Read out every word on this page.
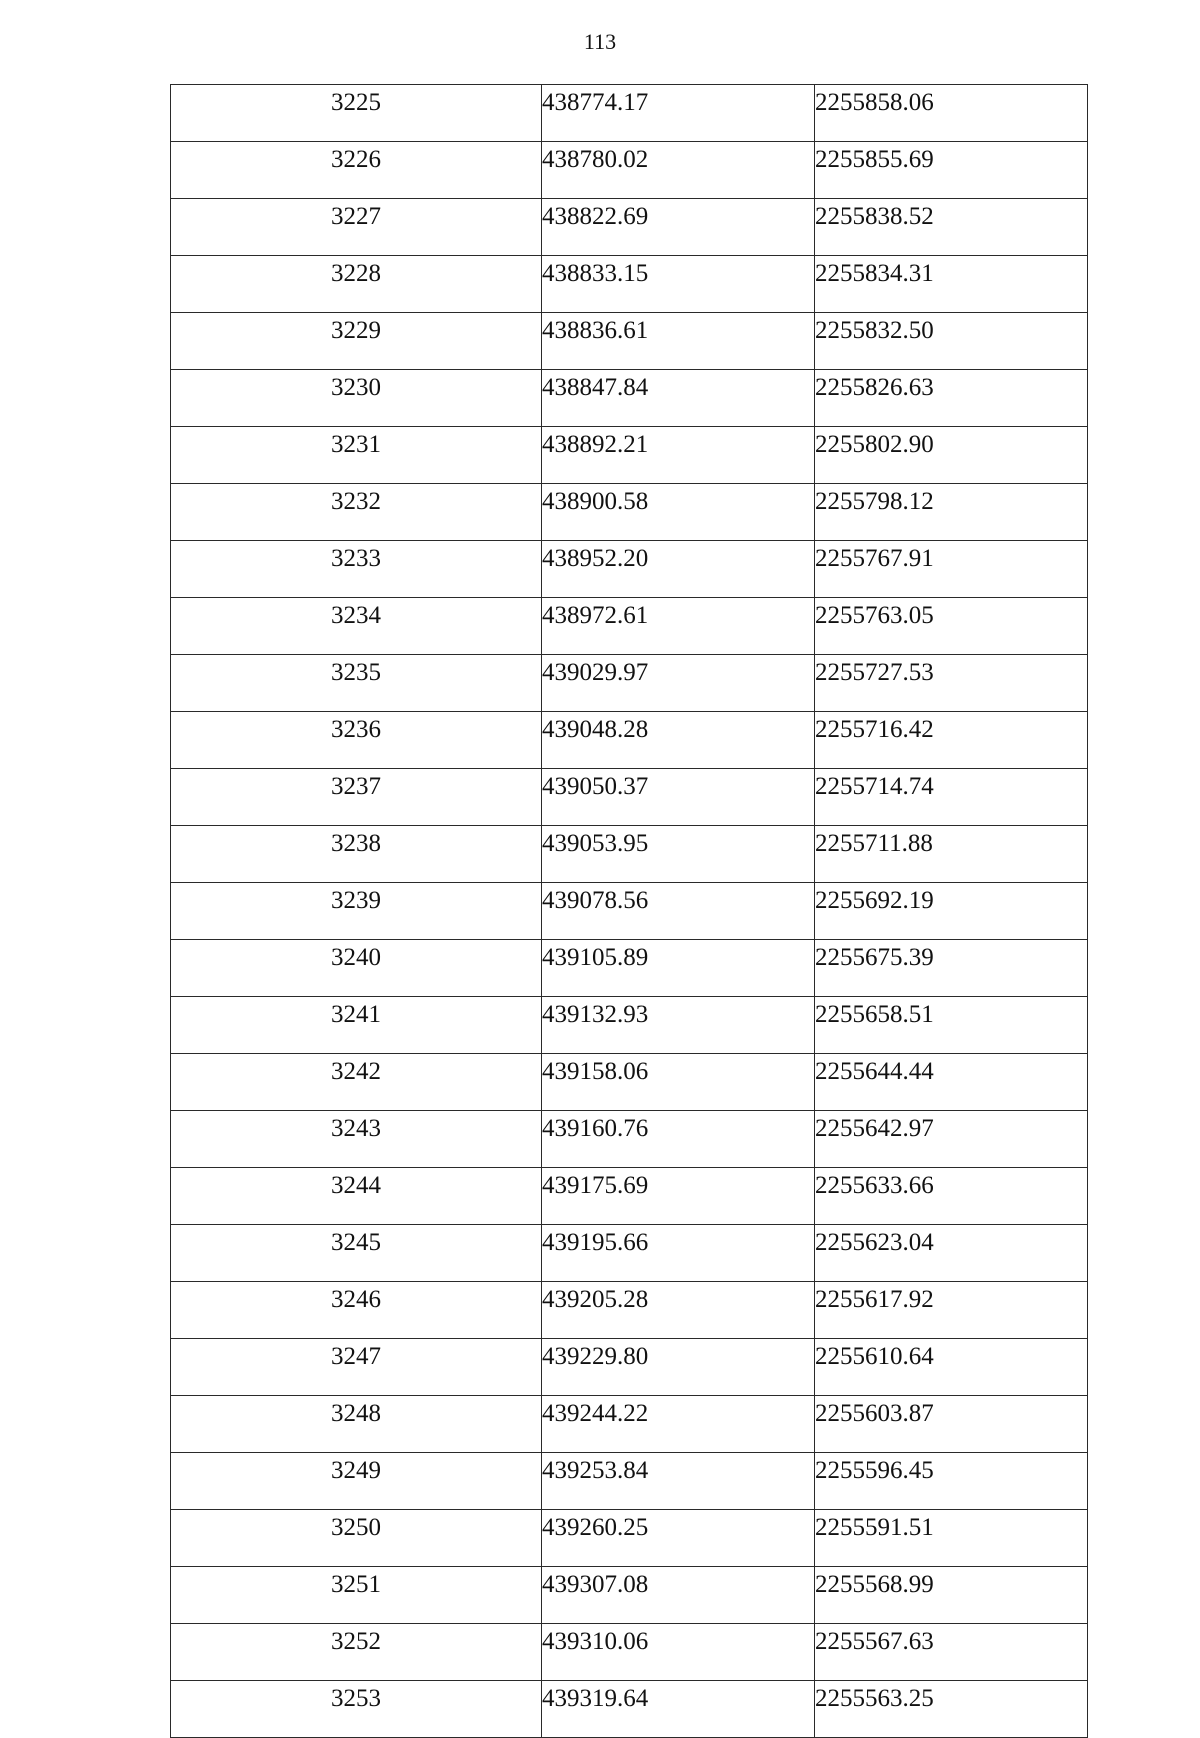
113
3225	438774.17	2255858.06
3226	438780.02	2255855.69
3227	438822.69	2255838.52
3228	438833.15	2255834.31
3229	438836.61	2255832.50
3230	438847.84	2255826.63
3231	438892.21	2255802.90
3232	438900.58	2255798.12
3233	438952.20	2255767.91
3234	438972.61	2255763.05
3235	439029.97	2255727.53
3236	439048.28	2255716.42
3237	439050.37	2255714.74
3238	439053.95	2255711.88
3239	439078.56	2255692.19
3240	439105.89	2255675.39
3241	439132.93	2255658.51
3242	439158.06	2255644.44
3243	439160.76	2255642.97
3244	439175.69	2255633.66
3245	439195.66	2255623.04
3246	439205.28	2255617.92
3247	439229.80	2255610.64
3248	439244.22	2255603.87
3249	439253.84	2255596.45
3250	439260.25	2255591.51
3251	439307.08	2255568.99
3252	439310.06	2255567.63
3253	439319.64	2255563.25
